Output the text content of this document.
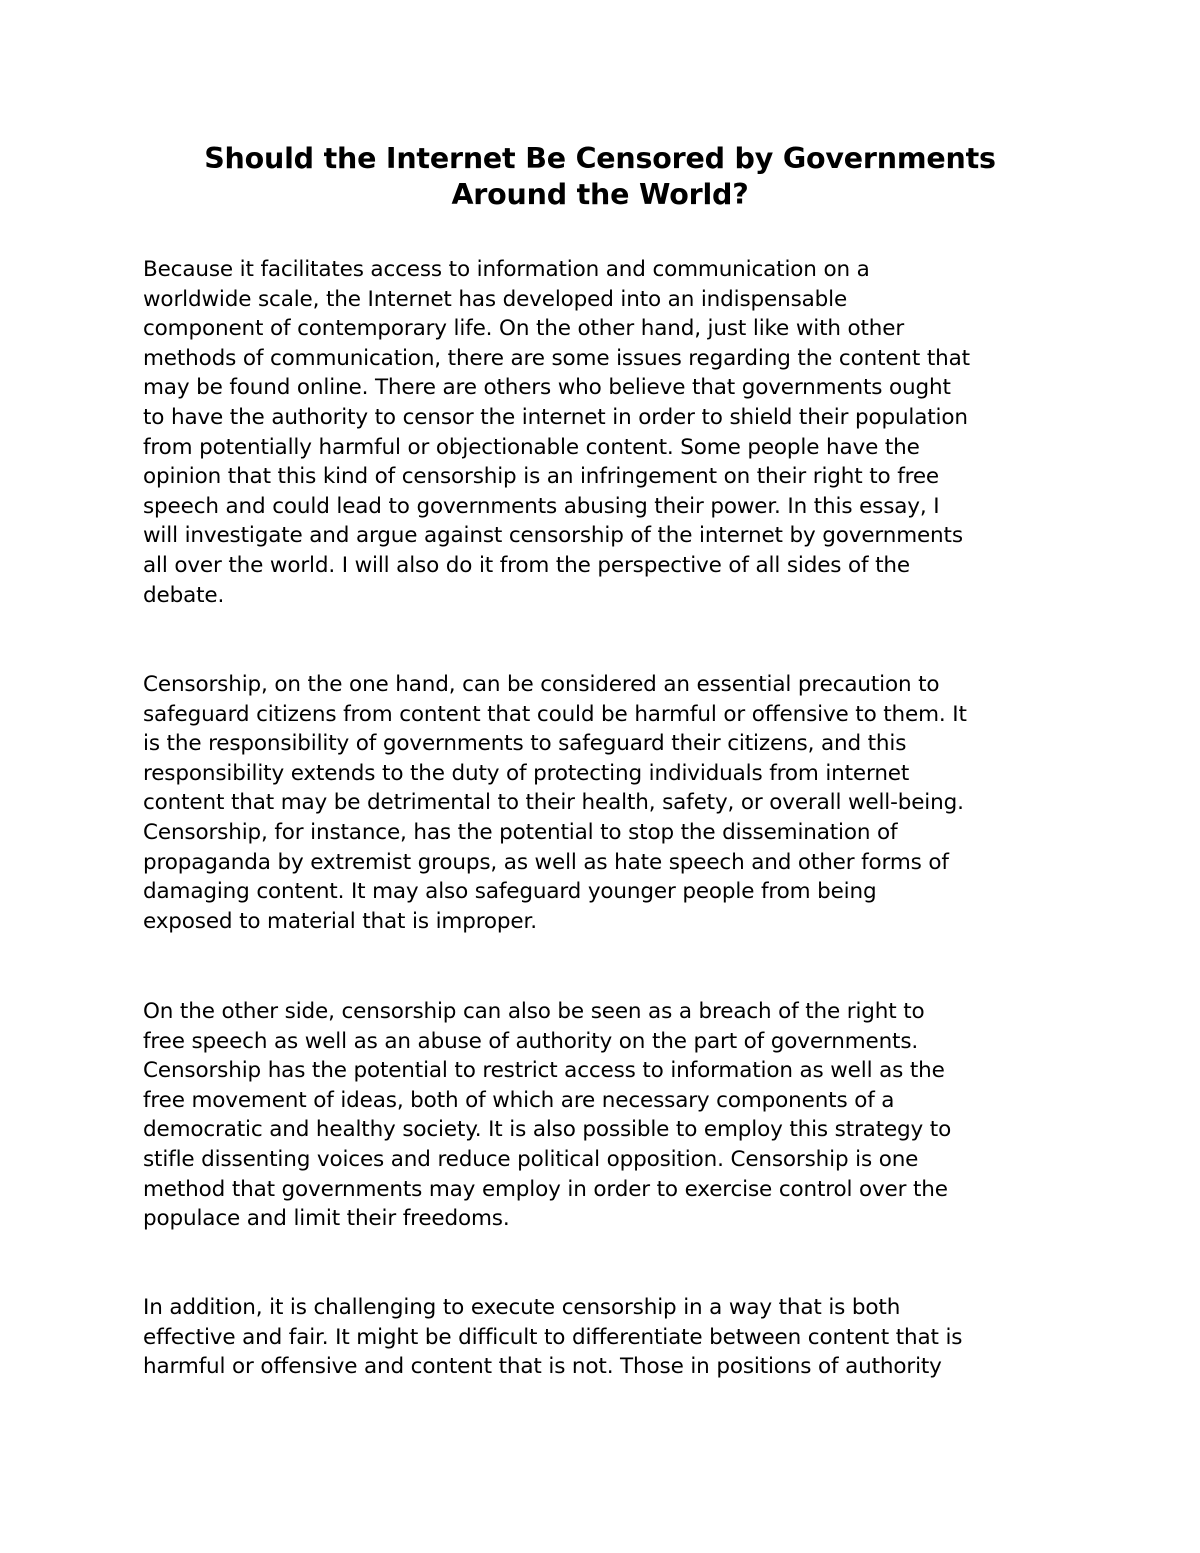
Should the Internet Be Censored by Governments
Around the World?
Because it facilitates access to information and communication on a
worldwide scale, the Internet has developed into an indispensable
component of contemporary life. On the other hand, just like with other
methods of communication, there are some issues regarding the content that
may be found online. There are others who believe that governments ought
to have the authority to censor the internet in order to shield their population
from potentially harmful or objectionable content. Some people have the
opinion that this kind of censorship is an infringement on their right to free
speech and could lead to governments abusing their power. In this essay, I
will investigate and argue against censorship of the internet by governments
all over the world. I will also do it from the perspective of all sides of the
debate.
Censorship, on the one hand, can be considered an essential precaution to
safeguard citizens from content that could be harmful or offensive to them. It
is the responsibility of governments to safeguard their citizens, and this
responsibility extends to the duty of protecting individuals from internet
content that may be detrimental to their health, safety, or overall well-being.
Censorship, for instance, has the potential to stop the dissemination of
propaganda by extremist groups, as well as hate speech and other forms of
damaging content. It may also safeguard younger people from being
exposed to material that is improper.
On the other side, censorship can also be seen as a breach of the right to
free speech as well as an abuse of authority on the part of governments.
Censorship has the potential to restrict access to information as well as the
free movement of ideas, both of which are necessary components of a
democratic and healthy society. It is also possible to employ this strategy to
stifle dissenting voices and reduce political opposition. Censorship is one
method that governments may employ in order to exercise control over the
populace and limit their freedoms.
In addition, it is challenging to execute censorship in a way that is both
effective and fair. It might be difficult to differentiate between content that is
harmful or offensive and content that is not. Those in positions of authority
